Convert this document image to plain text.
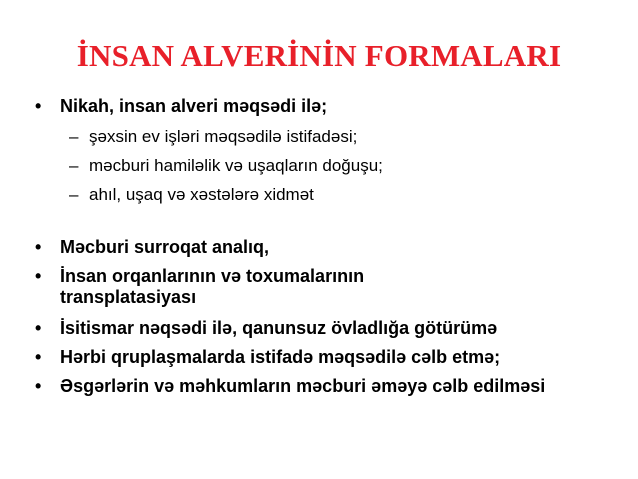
İNSAN ALVERİNİN FORMALARI
•	Nikah, insan alveri məqsədi ilə;
– şəxsin ev işləri məqsədilə istifadəsi;
– məcburi hamiləlik və uşaqların doğuşu;
– ahıl, uşaq və xəstələrə xidmət
•	Məcburi surroqat analıq,
•	İnsan orqanlarının və toxumalarının transplatasiyası
•	İsitismar nəqsədi ilə, qanunsuz övladlığa götürümə
•	Hərbi qruplaşmalarda istifadə məqsədilə cəlb etmə;
•	Əsgərlərin və məhkumların məcburi əməyə cəlb edilməsi
